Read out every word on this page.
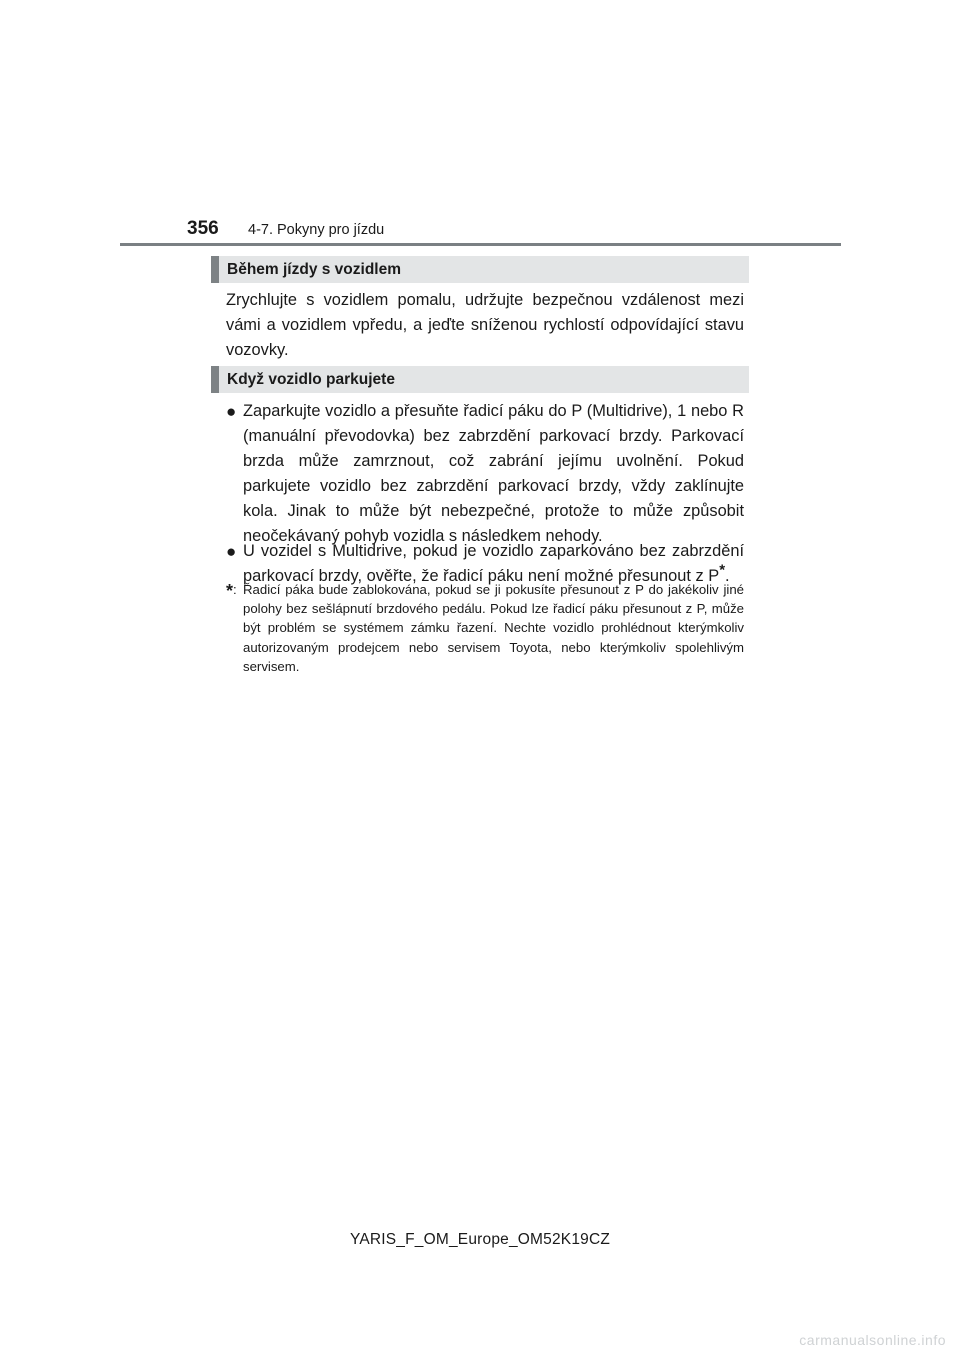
356 4-7. Pokyny pro jízdu
Během jízdy s vozidlem

Zrychlujte s vozidlem pomalu, udržujte bezpečnou vzdálenost mezi vámi a vozidlem vpředu, a jeďte sníženou rychlostí odpovídající stavu vozovky.

Když vozidlo parkujete
● Zaparkujte vozidlo a přesuňte řadicí páku do P (Multidrive), 1 nebo R (manuální převodovka) bez zabrzdění parkovací brzdy. Parkovací brzda může zamrznout, což zabrání jejímu uvolnění. Pokud parkujete vozidlo bez zabrzdění parkovací brzdy, vždy zaklínujte kola. Jinak to může být nebezpečné, protože to může způsobit neočekávaný pohyb vozidla s následkem nehody.
● U vozidel s Multidrive, pokud je vozidlo zaparkováno bez zabrzdění parkovací brzdy, ověřte, že řadicí páku není možné přesunout z P*.
*: Řadicí páka bude zablokována, pokud se ji pokusíte přesunout z P do jakékoliv jiné polohy bez sešlápnutí brzdového pedálu. Pokud lze řadicí páku přesunout z P, může být problém se systémem zámku řazení. Nechte vozidlo prohlédnout kterýmkoliv autorizovaným prodejcem nebo servisem Toyota, nebo kterýmkoliv spolehlivým servisem.
YARIS_F_OM_Europe_OM52K19CZ
carmanualsonline.info
